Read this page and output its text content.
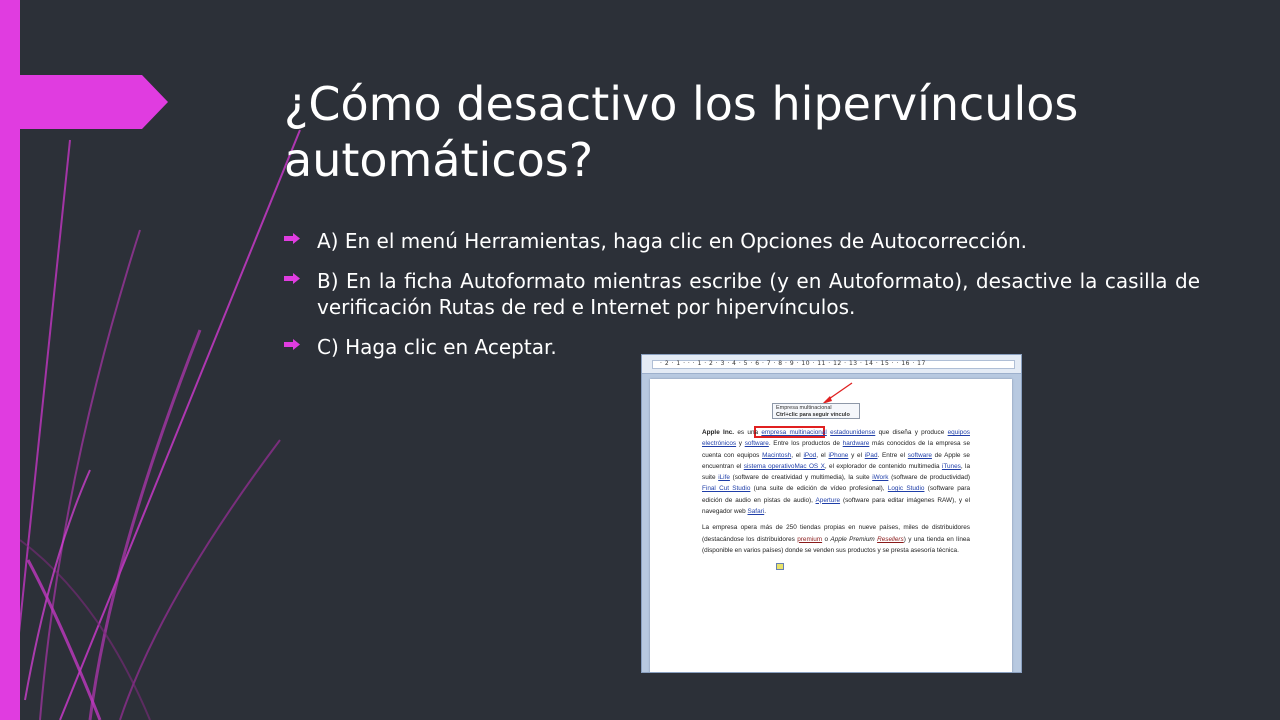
¿Cómo desactivo los hipervínculos automáticos?
A) En el menú Herramientas, haga clic en Opciones de Autocorrección.
B) En la ficha Autoformato mientras escribe (y en Autoformato), desactive la casilla de verificación Rutas de red e Internet por hipervínculos.
C) Haga clic en Aceptar.
· 2 · 1 · · · 1 · 2 · 3 · 4 · 5 · 6 · 7 · 8 · 9 · 10 · 11 · 12 · 13 · 14 · 15 · · 16 · 17
Empresa multinacional
Ctrl+clic para seguir vínculo

Apple Inc. es una empresa multinacional estadounidense que diseña y produce equipos electrónicos y software. Entre los productos de hardware más conocidos de la empresa se cuenta con equipos Macintosh, el iPod, el iPhone y el iPad. Entre el software de Apple se encuentran el sistema operativoMac OS X, el explorador de contenido multimedia iTunes, la suite iLife (software de creatividad y multimedia), la suite iWork (software de productividad) Final Cut Studio (una suite de edición de vídeo profesional), Logic Studio (software para edición de audio en pistas de audio), Aperture (software para editar imágenes RAW), y el navegador web Safari.

La empresa opera más de 250 tiendas propias en nueve países, miles de distribuidores (destacándose los distribuidores premium o Apple Premium Resellers) y una tienda en línea (disponible en varios países) donde se venden sus productos y se presta asesoría técnica.
